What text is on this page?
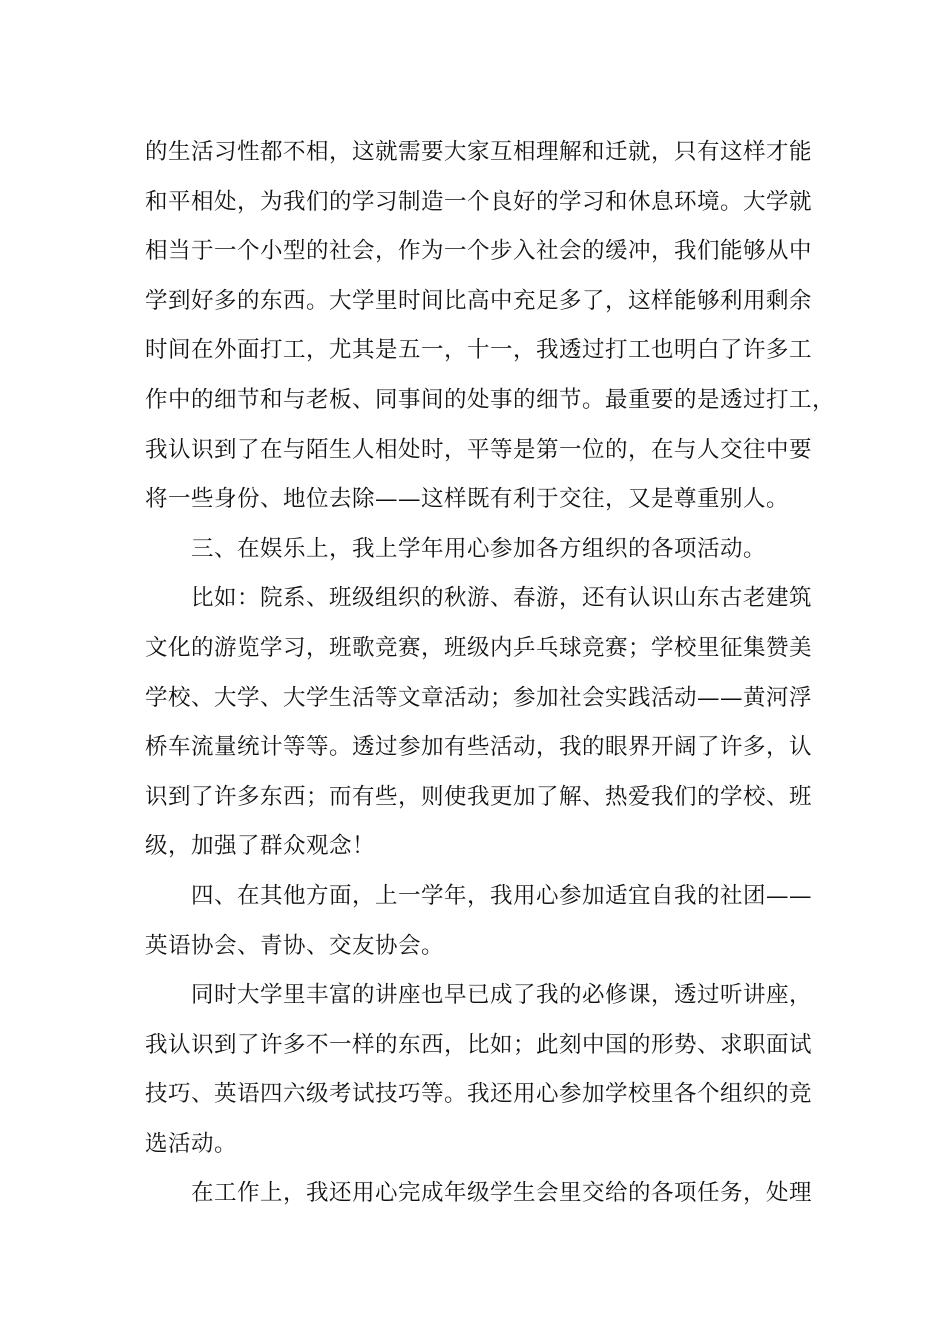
的生活习性都不相，这就需要大家互相理解和迁就，只有这样才能
和平相处，为我们的学习制造一个良好的学习和休息环境。大学就
相当于一个小型的社会，作为一个步入社会的缓冲，我们能够从中
学到好多的东西。大学里时间比高中充足多了，这样能够利用剩余
时间在外面打工，尤其是五一，十一，我透过打工也明白了许多工
作中的细节和与老板、同事间的处事的细节。最重要的是透过打工，
我认识到了在与陌生人相处时，平等是第一位的，在与人交往中要
将一些身份、地位去除——这样既有利于交往，又是尊重别人。

三、在娱乐上，我上学年用心参加各方组织的各项活动。

比如：院系、班级组织的秋游、春游，还有认识山东古老建筑
文化的游览学习，班歌竞赛，班级内乒乓球竞赛；学校里征集赞美
学校、大学、大学生活等文章活动；参加社会实践活动——黄河浮
桥车流量统计等等。透过参加有些活动，我的眼界开阔了许多，认
识到了许多东西；而有些，则使我更加了解、热爱我们的学校、班
级，加强了群众观念！

四、在其他方面，上一学年，我用心参加适宜自我的社团——
英语协会、青协、交友协会。

同时大学里丰富的讲座也早已成了我的必修课，透过听讲座，
我认识到了许多不一样的东西，比如；此刻中国的形势、求职面试
技巧、英语四六级考试技巧等。我还用心参加学校里各个组织的竞
选活动。

在工作上，我还用心完成年级学生会里交给的各项任务，处理
